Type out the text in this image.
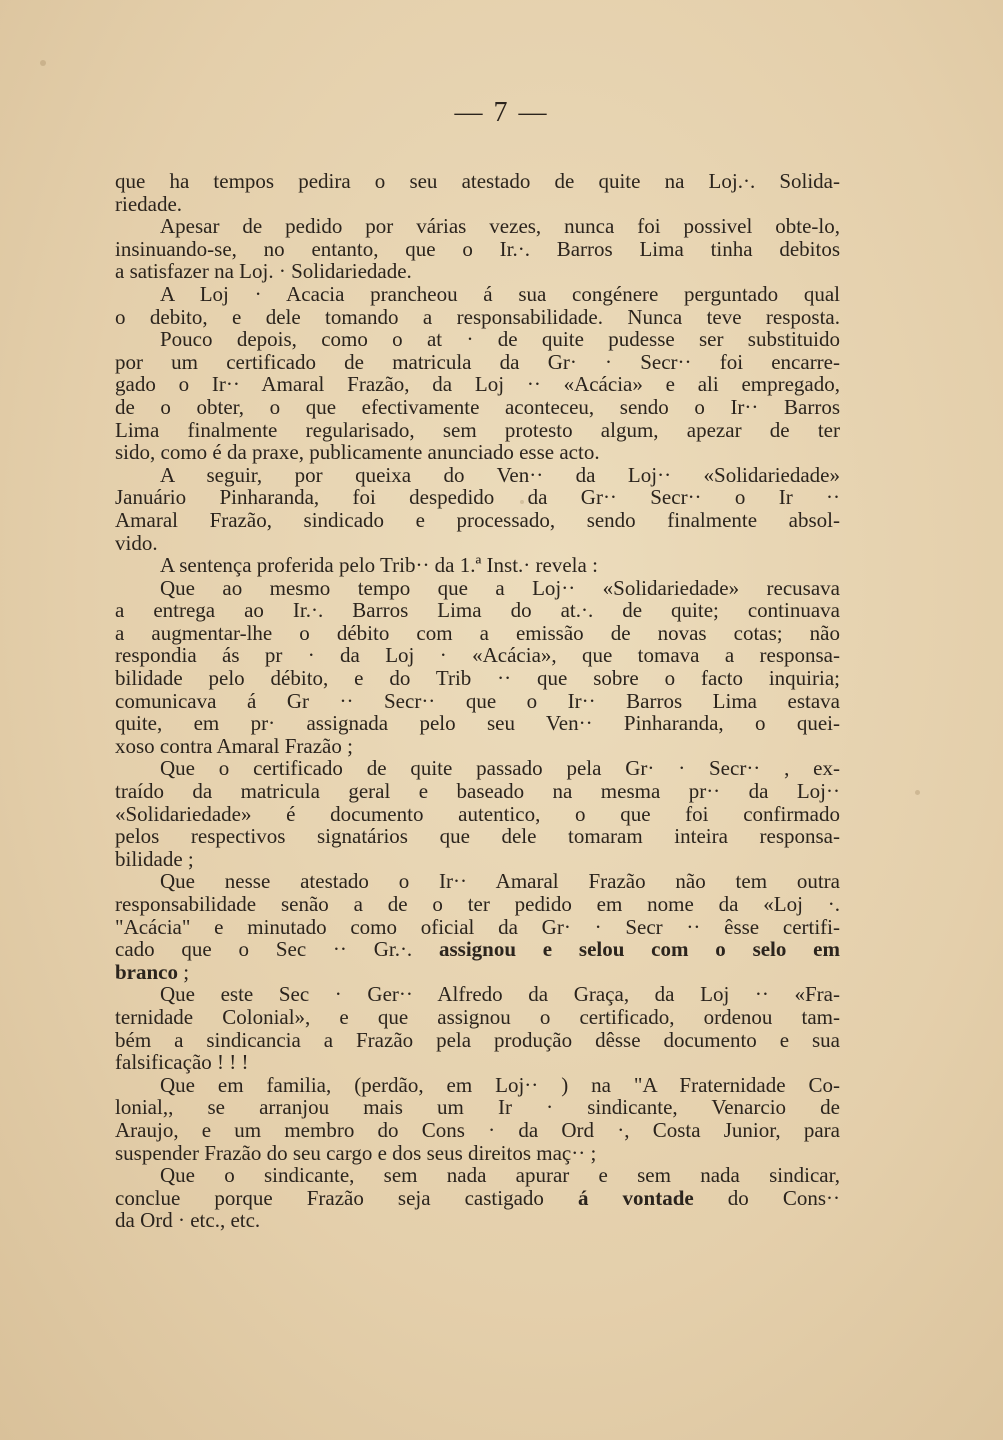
— 7 —
que ha tempos pedira o seu atestado de quite na Loj.·. Solida-
riedade.
Apesar de pedido por várias vezes, nunca foi possivel obte-lo,
insinuando-se, no entanto, que o Ir.·. Barros Lima tinha debitos
a satisfazer na Loj. · Solidariedade.
A Loj · Acacia prancheou á sua congénere perguntado qual
o debito, e dele tomando a responsabilidade. Nunca teve resposta.
Pouco depois, como o at · de quite pudesse ser substituido
por um certificado de matricula da Gr· · Secr·· foi encarre-
gado o Ir·· Amaral Frazão, da Loj ·· «Acácia» e ali empregado,
de o obter, o que efectivamente aconteceu, sendo o Ir·· Barros
Lima finalmente regularisado, sem protesto algum, apezar de ter
sido, como é da praxe, publicamente anunciado esse acto.
A seguir, por queixa do Ven·· da Loj·· «Solidariedade»
Januário Pinharanda, foi despedido da Gr·· Secr·· o Ir ··
Amaral Frazão, sindicado e processado, sendo finalmente absol-
vido.
A sentença proferida pelo Trib·· da 1.ª Inst.· revela :
Que ao mesmo tempo que a Loj·· «Solidariedade» recusava
a entrega ao Ir.·. Barros Lima do at.·. de quite; continuava
a augmentar-lhe o débito com a emissão de novas cotas; não
respondia ás pr · da Loj · «Acácia», que tomava a responsa-
bilidade pelo débito, e do Trib ·· que sobre o facto inquiria;
comunicava á Gr ·· Secr·· que o Ir·· Barros Lima estava
quite, em pr· assignada pelo seu Ven·· Pinharanda, o quei-
xoso contra Amaral Frazão ;
Que o certificado de quite passado pela Gr· · Secr·· , ex-
traído da matricula geral e baseado na mesma pr·· da Loj··
«Solidariedade» é documento autentico, o que foi confirmado
pelos respectivos signatários que dele tomaram inteira responsa-
bilidade ;
Que nesse atestado o Ir·· Amaral Frazão não tem outra
responsabilidade senão a de o ter pedido em nome da «Loj ·.
"Acácia" e minutado como oficial da Gr· · Secr ·· êsse certifi-
cado que o Sec ·· Gr.·. assignou e selou com o selo em
branco ;
Que este Sec · Ger·· Alfredo da Graça, da Loj ·· «Fra-
ternidade Colonial», e que assignou o certificado, ordenou tam-
bém a sindicancia a Frazão pela produção dêsse documento e sua
falsificação ! ! !
Que em familia, (perdão, em Loj·· ) na "A Fraternidade Co-
lonial,, se arranjou mais um Ir · sindicante, Venarcio de
Araujo, e um membro do Cons · da Ord ·, Costa Junior, para
suspender Frazão do seu cargo e dos seus direitos maç·· ;
Que o sindicante, sem nada apurar e sem nada sindicar,
conclue porque Frazão seja castigado á vontade do Cons··
da Ord · etc., etc.
